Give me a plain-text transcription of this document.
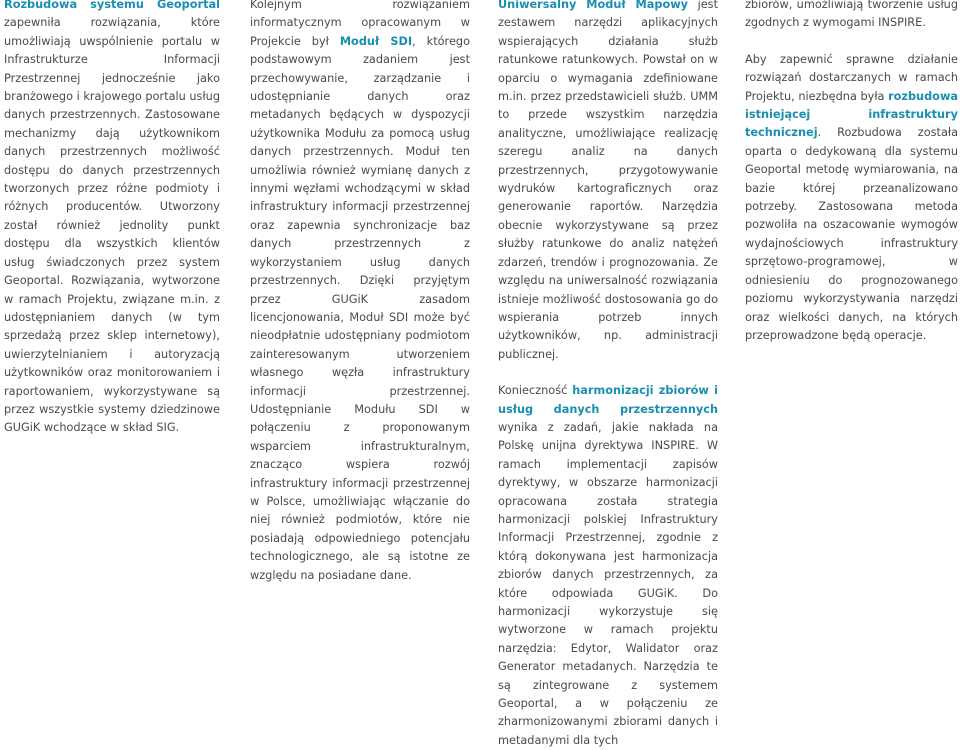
Rozbudowa systemu Geoportal zapewniła rozwiązania, które umożliwiają uwspólnienie portalu w Infrastrukturze Informacji Przestrzennej jednocześnie jako branżowego i krajowego portalu usług danych przestrzennych. Zastosowane mechanizmy dają użytkownikom danych przestrzennych możliwość dostępu do danych przestrzennych tworzonych przez różne podmioty i różnych producentów. Utworzony został również jednolity punkt dostępu dla wszystkich klientów usług świadczonych przez system Geoportal. Rozwiązania, wytworzone w ramach Projektu, związane m.in. z udostępnianiem danych (w tym sprzedażą przez sklep internetowy), uwierzytelnianiem i autoryzacją użytkowników oraz monitorowaniem i raportowaniem, wykorzystywane są przez wszystkie systemy dziedzinowe GUGiK wchodzące w skład SIG.

Kolejnym rozwiązaniem informatycznym opracowanym w Projekcie był Moduł SDI, którego podstawowym zadaniem jest przechowywanie, zarządzanie i udostępnianie danych oraz metadanych będących w dyspozycji użytkownika Modułu za pomocą usług danych przestrzennych. Moduł ten umożliwia również wymianę danych z innymi węzłami wchodzącymi w skład infrastruktury informacji przestrzennej oraz zapewnia synchronizacje baz danych przestrzennych z wykorzystaniem usług danych przestrzennych. Dzięki przyjętym przez GUGiK zasadom licencjonowania, Moduł SDI może być nieodpłatnie udostępniany podmiotom zainteresowanym utworzeniem własnego węzła infrastruktury informacji przestrzennej. Udostępnianie Modułu SDI w połączeniu z proponowanym wsparciem infrastrukturalnym, znacząco wspiera rozwój infrastruktury informacji przestrzennej w Polsce, umożliwiając włączanie do niej również podmiotów, które nie posiadają odpowiedniego potencjału technologicznego, ale są istotne ze względu na posiadane dane.

Uniwersalny Moduł Mapowy jest zestawem narzędzi aplikacyjnych wspierających działania służb ratunkowe ratunkowych. Powstał on w oparciu o wymagania zdefiniowane m.in. przez przedstawicieli służb. UMM to przede wszystkim narzędzia analityczne, umożliwiające realizację szeregu analiz na danych przestrzennych, przygotowywanie wydruków kartograficznych oraz generowanie raportów. Narzędzia obecnie wykorzystywane są przez służby ratunkowe do analiz natężeń zdarzeń, trendów i prognozowania. Ze względu na uniwersalność rozwiązania istnieje możliwość dostosowania go do wspierania potrzeb innych użytkowników, np. administracji publicznej.

Konieczność harmonizacji zbiorów i usług danych przestrzennych wynika z zadań, jakie nakłada na Polskę unijna dyrektywa INSPIRE. W ramach implementacji zapisów dyrektywy, w obszarze harmonizacji opracowana została strategia harmonizacji polskiej Infrastruktury Informacji Przestrzennej, zgodnie z którą dokonywana jest harmonizacja zbiorów danych przestrzennych, za które odpowiada GUGiK. Do harmonizacji wykorzystuje się wytworzone w ramach projektu narzędzia: Edytor, Walidator oraz Generator metadanych. Narzędzia te są zintegrowane z systemem Geoportal, a w połączeniu ze zharmonizowanymi zbiorami danych i metadanymi dla tych

zbiorów, umożliwiają tworzenie usług zgodnych z wymogami INSPIRE.

Aby zapewnić sprawne działanie rozwiązań dostarczanych w ramach Projektu, niezbędna była rozbudowa istniejącej infrastruktury technicznej. Rozbudowa została oparta o dedykowaną dla systemu Geoportal metodę wymiarowania, na bazie której przeanalizowano potrzeby. Zastosowana metoda pozwoliła na oszacowanie wymogów wydajnościowych infrastruktury sprzętowo-programowej, w odniesieniu do prognozowanego poziomu wykorzystywania narzędzi oraz wielkości danych, na których przeprowadzone będą operacje.
